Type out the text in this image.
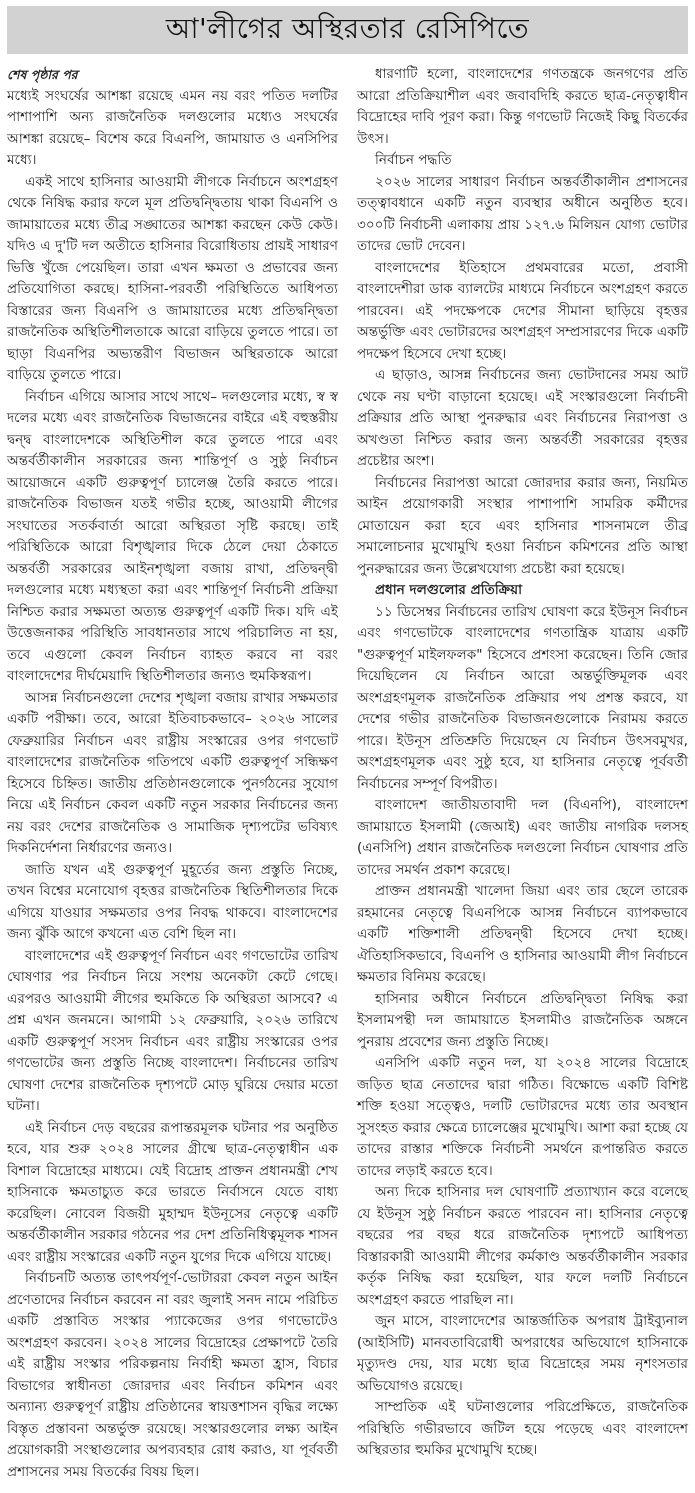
আ'লীগের অস্থিরতার রেসিপিতে

শেষ পৃষ্ঠার পর

মধ্যেই সংঘর্ষের আশঙ্কা রয়েছে এমন নয় বরং পতিত দলটির পাশাপাশি অন্য রাজনৈতিক দলগুলোর মধ্যেও সংঘর্ষের আশঙ্কা রয়েছে– বিশেষ করে বিএনপি, জামায়াত ও এনসিপির মধ্যে।

একই সাথে হাসিনার আওয়ামী লীগকে নির্বাচনে অংশগ্রহণ থেকে নিষিদ্ধ করার ফলে মূল প্রতিদ্বন্দ্বিতায় থাকা বিএনপি ও জামায়াতের মধ্যে তীব্র সঙ্ঘাতের আশঙ্কা করছেন কেউ কেউ। যদিও এ দু'টি দল অতীতে হাসিনার বিরোধিতায় প্রায়ই সাধারণ ভিত্তি খুঁজে পেয়েছিল। তারা এখন ক্ষমতা ও প্রভাবের জন্য প্রতিযোগিতা করছে। হাসিনা-পরবর্তী পরিস্থিতিতে আধিপত্য বিস্তারের জন্য বিএনপি ও জামায়াতের মধ্যে প্রতিদ্বন্দ্বিতা রাজনৈতিক অস্থিতিশীলতাকে আরো বাড়িয়ে তুলতে পারে। তা ছাড়া বিএনপির অভ্যন্তরীণ বিভাজন অস্থিরতাকে আরো বাড়িয়ে তুলতে পারে।

নির্বাচন এগিয়ে আসার সাথে সাথে– দলগুলোর মধ্যে, স্ব স্ব দলের মধ্যে এবং রাজনৈতিক বিভাজনের বাইরে এই বহুস্তরীয় দ্বন্দ্ব বাংলাদেশকে অস্থিতিশীল করে তুলতে পারে এবং অন্তর্বর্তীকালীন সরকারের জন্য শান্তিপূর্ণ ও সুষ্ঠু নির্বাচন আয়োজনে একটি গুরুত্বপূর্ণ চ্যালেঞ্জ তৈরি করতে পারে। রাজনৈতিক বিভাজন যতই গভীর হচ্ছে, আওয়ামী লীগের সংঘাতের সতর্কবার্তা আরো অস্থিরতা সৃষ্টি করছে। তাই পরিস্থিতিকে আরো বিশৃঙ্খলার দিকে ঠেলে দেয়া ঠেকাতে অন্তর্বর্তী সরকারের আইনশৃঙ্খলা বজায় রাখা, প্রতিদ্বন্দ্বী দলগুলোর মধ্যে মধ্যস্থতা করা এবং শান্তিপূর্ণ নির্বাচনী প্রক্রিয়া নিশ্চিত করার সক্ষমতা অত্যন্ত গুরুত্বপূর্ণ একটি দিক। যদি এই উত্তেজনাকর পরিস্থিতি সাবধানতার সাথে পরিচালিত না হয়, তবে এগুলো কেবল নির্বাচন ব্যাহত করবে না বরং বাংলাদেশের দীর্ঘমেয়াদি স্থিতিশীলতার জন্যও হুমকিস্বরূপ।

আসন্ন নির্বাচনগুলো দেশের শৃঙ্খলা বজায় রাখার সক্ষমতার একটি পরীক্ষা। তবে, আরো ইতিবাচকভাবে– ২০২৬ সালের ফেব্রুয়ারির নির্বাচন এবং রাষ্ট্রীয় সংস্কারের ওপর গণভোট বাংলাদেশের রাজনৈতিক গতিপথে একটি গুরুত্বপূর্ণ সন্ধিক্ষণ হিসেবে চিহ্নিত। জাতীয় প্রতিষ্ঠানগুলোকে পুনর্গঠনের সুযোগ নিয়ে এই নির্বাচন কেবল একটি নতুন সরকার নির্বাচনের জন্য নয় বরং দেশের রাজনৈতিক ও সামাজিক দৃশ্যপটের ভবিষ্যৎ দিকনির্দেশনা নির্ধারণের জন্যও।

জাতি যখন এই গুরুত্বপূর্ণ মুহূর্তের জন্য প্রস্তুতি নিচ্ছে, তখন বিশ্বের মনোযোগ বৃহত্তর রাজনৈতিক স্থিতিশীলতার দিকে এগিয়ে যাওয়ার সক্ষমতার ওপর নিবদ্ধ থাকবে। বাংলাদেশের জন্য ঝুঁকি আগে কখনো এত বেশি ছিল না।

বাংলাদেশের এই গুরুত্বপূর্ণ নির্বাচন এবং গণভোটের তারিখ ঘোষণার পর নির্বাচন নিয়ে সংশয় অনেকটা কেটে গেছে। এরপরও আওয়ামী লীগের হুমকিতে কি অস্থিরতা আসবে? এ প্রশ্ন এখন জনমনে। আগামী ১২ ফেব্রুয়ারি, ২০২৬ তারিখে একটি গুরুত্বপূর্ণ সংসদ নির্বাচন এবং রাষ্ট্রীয় সংস্কারের ওপর গণভোটের জন্য প্রস্তুতি নিচ্ছে বাংলাদেশ। নির্বাচনের তারিখ ঘোষণা দেশের রাজনৈতিক দৃশ্যপটে মোড় ঘুরিয়ে দেয়ার মতো ঘটনা।

এই নির্বাচন দেড় বছরের রূপান্তরমূলক ঘটনার পর অনুষ্ঠিত হবে, যার শুরু ২০২৪ সালের গ্রীষ্মে ছাত্র-নেতৃত্বাধীন এক বিশাল বিদ্রোহের মাধ্যমে। যেই বিদ্রোহ প্রাক্তন প্রধানমন্ত্রী শেখ হাসিনাকে ক্ষমতাচ্যুত করে ভারতে নির্বাসনে যেতে বাধ্য করেছিল। নোবেল বিজয়ী মুহাম্মদ ইউনূসের নেতৃত্বে একটি অন্তর্বর্তীকালীন সরকার গঠনের পর দেশ প্রতিনিধিত্বমূলক শাসন এবং রাষ্ট্রীয় সংস্কারের একটি নতুন যুগের দিকে এগিয়ে যাচ্ছে।

নির্বাচনটি অত্যন্ত তাৎপর্যপূর্ণ-ভোটাররা কেবল নতুন আইন প্রণেতাদের নির্বাচন করবেন না বরং জুলাই সনদ নামে পরিচিত একটি প্রস্তাবিত সংস্কার প্যাকেজের ওপর গণভোটেও অংশগ্রহণ করবেন। ২০২৪ সালের বিদ্রোহের প্রেক্ষাপটে তৈরি এই রাষ্ট্রীয় সংস্কার পরিকল্পনায় নির্বাহী ক্ষমতা হ্রাস, বিচার বিভাগের স্বাধীনতা জোরদার এবং নির্বাচন কমিশন এবং অন্যান্য গুরুত্বপূর্ণ রাষ্ট্রীয় প্রতিষ্ঠানের স্বায়ত্তশাসন বৃদ্ধির লক্ষ্যে বিস্তৃত প্রস্তাবনা অন্তর্ভুক্ত রয়েছে। সংস্কারগুলোর লক্ষ্য আইন প্রয়োগকারী সংস্থাগুলোর অপব্যবহার রোধ করাও, যা পূর্ববর্তী প্রশাসনের সময় বিতর্কের বিষয় ছিল।

ধারণাটি হলো, বাংলাদেশের গণতন্ত্রকে জনগণের প্রতি আরো প্রতিক্রিয়াশীল এবং জবাবদিহি করতে ছাত্র-নেতৃত্বাধীন বিদ্রোহের দাবি পূরণ করা। কিন্তু গণভোট নিজেই কিছু বিতর্কের উৎস।

নির্বাচন পদ্ধতি

২০২৬ সালের সাধারণ নির্বাচন অন্তর্বর্তীকালীন প্রশাসনের তত্ত্বাবধানে একটি নতুন ব্যবস্থার অধীনে অনুষ্ঠিত হবে। ৩০০টি নির্বাচনী এলাকায় প্রায় ১২৭.৬ মিলিয়ন যোগ্য ভোটার তাদের ভোট দেবেন।

বাংলাদেশের ইতিহাসে প্রথমবারের মতো, প্রবাসী বাংলাদেশীরা ডাক ব্যালটের মাধ্যমে নির্বাচনে অংশগ্রহণ করতে পারবেন। এই পদক্ষেপকে দেশের সীমানা ছাড়িয়ে বৃহত্তর অন্তর্ভুক্তি এবং ভোটারদের অংশগ্রহণ সম্প্রসারণের দিকে একটি পদক্ষেপ হিসেবে দেখা হচ্ছে।

এ ছাড়াও, আসন্ন নির্বাচনের জন্য ভোটদানের সময় আট থেকে নয় ঘণ্টা বাড়ানো হয়েছে। এই সংস্কারগুলো নির্বাচনী প্রক্রিয়ার প্রতি আস্থা পুনরুদ্ধার এবং নির্বাচনের নিরাপত্তা ও অখণ্ডতা নিশ্চিত করার জন্য অন্তর্বর্তী সরকারের বৃহত্তর প্রচেষ্টার অংশ।

নির্বাচনের নিরাপত্তা আরো জোরদার করার জন্য, নিয়মিত আইন প্রয়োগকারী সংস্থার পাশাপাশি সামরিক কর্মীদের মোতায়েন করা হবে এবং হাসিনার শাসনামলে তীব্র সমালোচনার মুখোমুখি হওয়া নির্বাচন কমিশনের প্রতি আস্থা পুনরুদ্ধারের জন্য উল্লেখযোগ্য প্রচেষ্টা করা হয়েছে।

প্রধান দলগুলোর প্রতিক্রিয়া

১১ ডিসেম্বর নির্বাচনের তারিখ ঘোষণা করে ইউনূস নির্বাচন এবং গণভোটকে বাংলাদেশের গণতান্ত্রিক যাত্রায় একটি "গুরুত্বপূর্ণ মাইলফলক" হিসেবে প্রশংসা করেছেন। তিনি জোর দিয়েছিলেন যে নির্বাচন আরো অন্তর্ভুক্তিমূলক এবং অংশগ্রহণমূলক রাজনৈতিক প্রক্রিয়ার পথ প্রশস্ত করবে, যা দেশের গভীর রাজনৈতিক বিভাজনগুলোকে নিরাময় করতে পারে। ইউনূস প্রতিশ্রুতি দিয়েছেন যে নির্বাচন উৎসবমুখর, অংশগ্রহণমূলক এবং সুষ্ঠু হবে, যা হাসিনার নেতৃত্বে পূর্ববর্তী নির্বাচনের সম্পূর্ণ বিপরীত।

বাংলাদেশ জাতীয়তাবাদী দল (বিএনপি), বাংলাদেশ জামায়াতে ইসলামী (জেআই) এবং জাতীয় নাগরিক দলসহ (এনসিপি) প্রধান রাজনৈতিক দলগুলো নির্বাচন ঘোষণার প্রতি তাদের সমর্থন প্রকাশ করেছে।

প্রাক্তন প্রধানমন্ত্রী খালেদা জিয়া এবং তার ছেলে তারেক রহমানের নেতৃত্বে বিএনপিকে আসন্ন নির্বাচনে ব্যাপকভাবে একটি শক্তিশালী প্রতিদ্বন্দ্বী হিসেবে দেখা হচ্ছে। ঐতিহাসিকভাবে, বিএনপি ও হাসিনার আওয়ামী লীগ নির্বাচনে ক্ষমতার বিনিময় করেছে।

হাসিনার অধীনে নির্বাচনে প্রতিদ্বন্দ্বিতা নিষিদ্ধ করা ইসলামপন্থী দল জামায়াতে ইসলামীও রাজনৈতিক অঙ্গনে পুনরায় প্রবেশের জন্য প্রস্তুতি নিচ্ছে।

এনসিপি একটি নতুন দল, যা ২০২৪ সালের বিদ্রোহে জড়িত ছাত্র নেতাদের দ্বারা গঠিত। বিক্ষোভে একটি বিশিষ্ট শক্তি হওয়া সত্ত্বেও, দলটি ভোটারদের মধ্যে তার অবস্থান সুসংহত করার ক্ষেত্রে চ্যালেঞ্জের মুখোমুখি। আশা করা হচ্ছে যে তাদের রাস্তার শক্তিকে নির্বাচনী সমর্থনে রূপান্তরিত করতে তাদের লড়াই করতে হবে।

অন্য দিকে হাসিনার দল ঘোষণাটি প্রত্যাখ্যান করে বলেছে যে ইউনূস সুষ্ঠু নির্বাচন করতে পারবেন না। হাসিনার নেতৃত্বে বছরের পর বছর ধরে রাজনৈতিক দৃশ্যপটে আধিপত্য বিস্তারকারী আওয়ামী লীগের কর্মকাণ্ড অন্তর্বর্তীকালীন সরকার কর্তৃক নিষিদ্ধ করা হয়েছিল, যার ফলে দলটি নির্বাচনে অংশগ্রহণ করতে পারছিল না।

জুন মাসে, বাংলাদেশের আন্তর্জাতিক অপরাধ ট্রাইব্যুনাল (আইসিটি) মানবতাবিরোধী অপরাধের অভিযোগে হাসিনাকে মৃত্যুদণ্ড দেয়, যার মধ্যে ছাত্র বিদ্রোহের সময় নৃশংসতার অভিযোগও রয়েছে।

সাম্প্রতিক এই ঘটনাগুলোর পরিপ্রেক্ষিতে, রাজনৈতিক পরিস্থিতি গভীরভাবে জটিল হয়ে পড়েছে এবং বাংলাদেশ অস্থিরতার হুমকির মুখোমুখি হচ্ছে।
